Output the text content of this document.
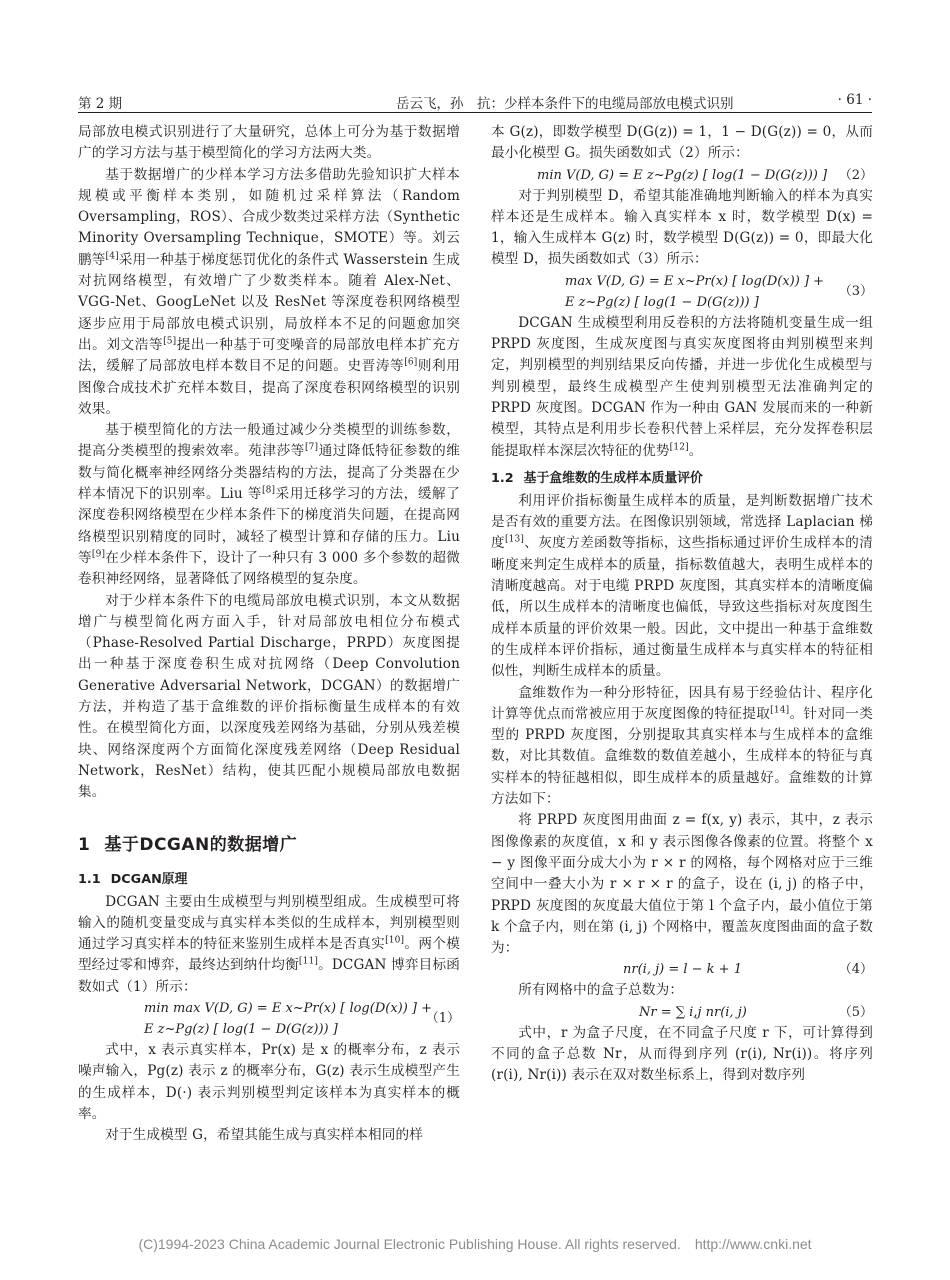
第 2 期	岳云飞，孙　抗：少样本条件下的电缆局部放电模式识别	· 61 ·

局部放电模式识别进行了大量研究，总体上可分为基于数据增广的学习方法与基于模型简化的学习方法两大类。

基于数据增广的少样本学习方法多借助先验知识扩大样本规模或平衡样本类别，如随机过采样算法（Random Oversampling，ROS）、合成少数类过采样方法（Synthetic Minority Oversampling Technique，SMOTE）等。刘云鹏等[4]采用一种基于梯度惩罚优化的条件式 Wasserstein 生成对抗网络模型，有效增广了少数类样本。随着 Alex-Net、VGG-Net、GoogLeNet 以及 ResNet 等深度卷积网络模型逐步应用于局部放电模式识别，局放样本不足的问题愈加突出。刘文浩等[5]提出一种基于可变噪音的局部放电样本扩充方法，缓解了局部放电样本数目不足的问题。史晋涛等[6]则利用图像合成技术扩充样本数目，提高了深度卷积网络模型的识别效果。

基于模型简化的方法一般通过减少分类模型的训练参数，提高分类模型的搜索效率。苑津莎等[7]通过降低特征参数的维数与简化概率神经网络分类器结构的方法，提高了分类器在少样本情况下的识别率。Liu 等[8]采用迁移学习的方法，缓解了深度卷积网络模型在少样本条件下的梯度消失问题，在提高网络模型识别精度的同时，减轻了模型计算和存储的压力。Liu 等[9]在少样本条件下，设计了一种只有 3 000 多个参数的超微卷积神经网络，显著降低了网络模型的复杂度。

对于少样本条件下的电缆局部放电模式识别，本文从数据增广与模型简化两方面入手，针对局部放电相位分布模式（Phase-Resolved Partial Discharge，PRPD）灰度图提出一种基于深度卷积生成对抗网络（Deep Convolution Generative Adversarial Network，DCGAN）的数据增广方法，并构造了基于盒维数的评价指标衡量生成样本的有效性。在模型简化方面，以深度残差网络为基础，分别从残差模块、网络深度两个方面简化深度残差网络（Deep Residual Network，ResNet）结构，使其匹配小规模局部放电数据集。

1 基于DCGAN的数据增广
1.1 DCGAN原理

DCGAN 主要由生成模型与判别模型组成。生成模型可将输入的随机变量变成与真实样本类似的生成样本，判别模型则通过学习真实样本的特征来鉴别生成样本是否真实[10]。两个模型经过零和博弈，最终达到纳什均衡[11]。DCGAN 博弈目标函数如式（1）所示：

min max V(D, G) = E x~Pr(x) [ log(D(x)) ] +
E z~Pg(z) [ log(1 − D(G(z))) ]
（1）

式中，x 表示真实样本，Pr(x) 是 x 的概率分布，z 表示噪声输入，Pg(z) 表示 z 的概率分布，G(z) 表示生成模型产生的生成样本，D(·) 表示判别模型判定该样本为真实样本的概率。

对于生成模型 G，希望其能生成与真实样本相同的样

本 G(z)，即数学模型 D(G(z)) = 1，1 − D(G(z)) = 0，从而最小化模型 G。损失函数如式（2）所示：

min V(D, G) = E z~Pg(z) [ log(1 − D(G(z))) ] （2）

对于判别模型 D，希望其能准确地判断输入的样本为真实样本还是生成样本。输入真实样本 x 时，数学模型 D(x) = 1，输入生成样本 G(z) 时，数学模型 D(G(z)) = 0，即最大化模型 D，损失函数如式（3）所示：

max V(D, G) = E x~Pr(x) [ log(D(x)) ] +
E z~Pg(z) [ log(1 − D(G(z))) ]
（3）

DCGAN 生成模型利用反卷积的方法将随机变量生成一组 PRPD 灰度图，生成灰度图与真实灰度图将由判别模型来判定，判别模型的判别结果反向传播，并进一步优化生成模型与判别模型，最终生成模型产生使判别模型无法准确判定的 PRPD 灰度图。DCGAN 作为一种由 GAN 发展而来的一种新模型，其特点是利用步长卷积代替上采样层，充分发挥卷积层能提取样本深层次特征的优势[12]。

1.2 基于盒维数的生成样本质量评价

利用评价指标衡量生成样本的质量，是判断数据增广技术是否有效的重要方法。在图像识别领域，常选择 Laplacian 梯度[13]、灰度方差函数等指标，这些指标通过评价生成样本的清晰度来判定生成样本的质量，指标数值越大，表明生成样本的清晰度越高。对于电缆 PRPD 灰度图，其真实样本的清晰度偏低，所以生成样本的清晰度也偏低，导致这些指标对灰度图生成样本质量的评价效果一般。因此，文中提出一种基于盒维数的生成样本评价指标，通过衡量生成样本与真实样本的特征相似性，判断生成样本的质量。

盒维数作为一种分形特征，因具有易于经验估计、程序化计算等优点而常被应用于灰度图像的特征提取[14]。针对同一类型的 PRPD 灰度图，分别提取其真实样本与生成样本的盒维数，对比其数值。盒维数的数值差越小，生成样本的特征与真实样本的特征越相似，即生成样本的质量越好。盒维数的计算方法如下：

将 PRPD 灰度图用曲面 z = f(x, y) 表示，其中，z 表示图像像素的灰度值，x 和 y 表示图像各像素的位置。将整个 x − y 图像平面分成大小为 r × r 的网格，每个网格对应于三维空间中一叠大小为 r × r × r 的盒子，设在 (i, j) 的格子中，PRPD 灰度图的灰度最大值位于第 l 个盒子内，最小值位于第 k 个盒子内，则在第 (i, j) 个网格中，覆盖灰度图曲面的盒子数为：

nr(i, j) = l − k + 1	（4）

所有网格中的盒子总数为：

Nr = ∑ i,j nr(i, j)	（5）

式中，r 为盒子尺度，在不同盒子尺度 r 下，可计算得到不同的盒子总数 Nr，从而得到序列 (r(i), Nr(i))。将序列 (r(i), Nr(i)) 表示在双对数坐标系上，得到对数序列

(C)1994-2023 China Academic Journal Electronic Publishing House. All rights reserved.　http://www.cnki.net
